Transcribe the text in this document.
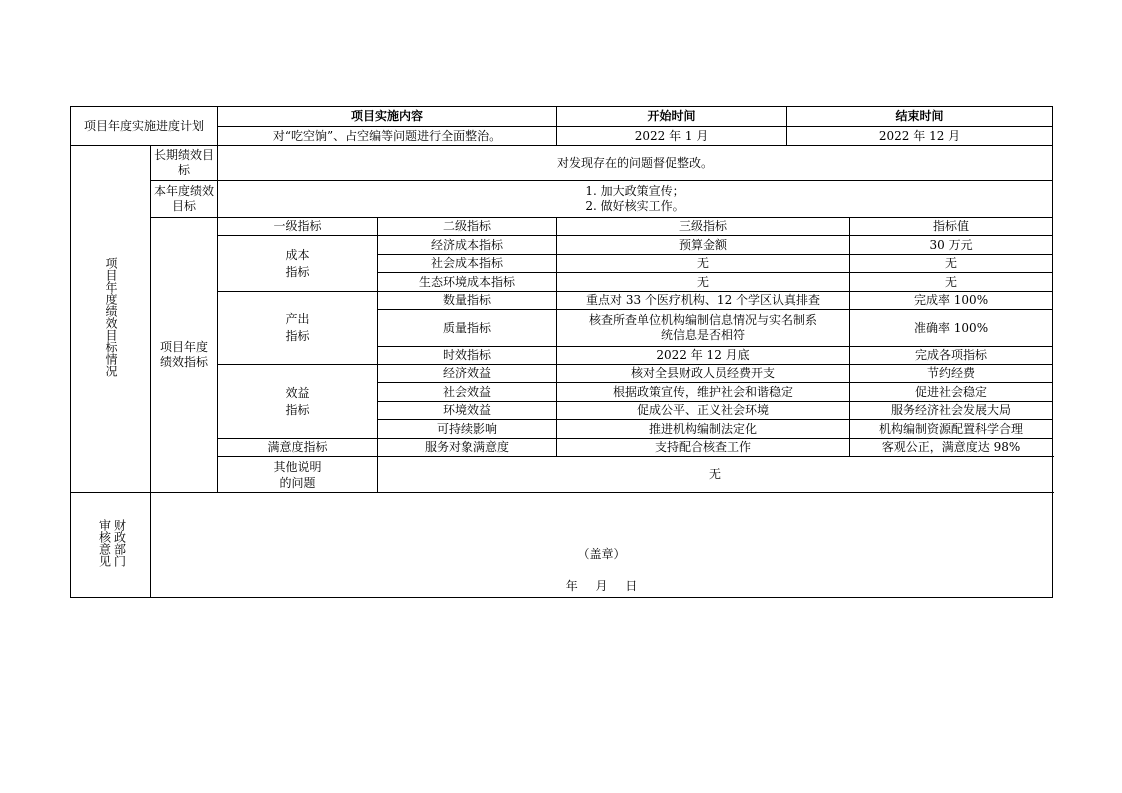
项目年度实施进度计划		项目实施内容		开始时间	结束时间	
		对“吃空饷”、占空编等问题进行全面整治。		2022 年 1 月	2022 年 12 月	
项目年度绩效目标情况	长期绩效目标	对发现存在的问题督促整改。				
	本年度绩效目标	1. 加大政策宣传；
2. 做好核实工作。				

	项目年度绩效指标	一级指标	二级指标	三级指标		指标值

		成本指标	经济成本指标	预算金额		30 万元
			社会成本指标	无		无
			生态环境成本指标	无		无

		产出指标	数量指标	重点对 33 个医疗机构、12 个学区认真排查		完成率 100%
			质量指标	核查所查单位机构编制信息情况与实名制系统信息是否相符		准确率 100%
			时效指标	2022 年 12 月底		完成各项指标

		效益指标	经济效益	核对全县财政人员经费开支		节约经费
			社会效益	根据政策宣传，维护社会和谐稳定		促进社会稳定
			环境效益	促成公平、正义社会环境		服务经济社会发展大局
			可持续影响	推进机构编制法定化		机构编制资源配置科学合理
		满意度指标	服务对象满意度	支持配合核查工作		客观公正，满意度达 98%

		其他说明的问题	无			
审核意见财政部门	（盖章）
年 月 日					
